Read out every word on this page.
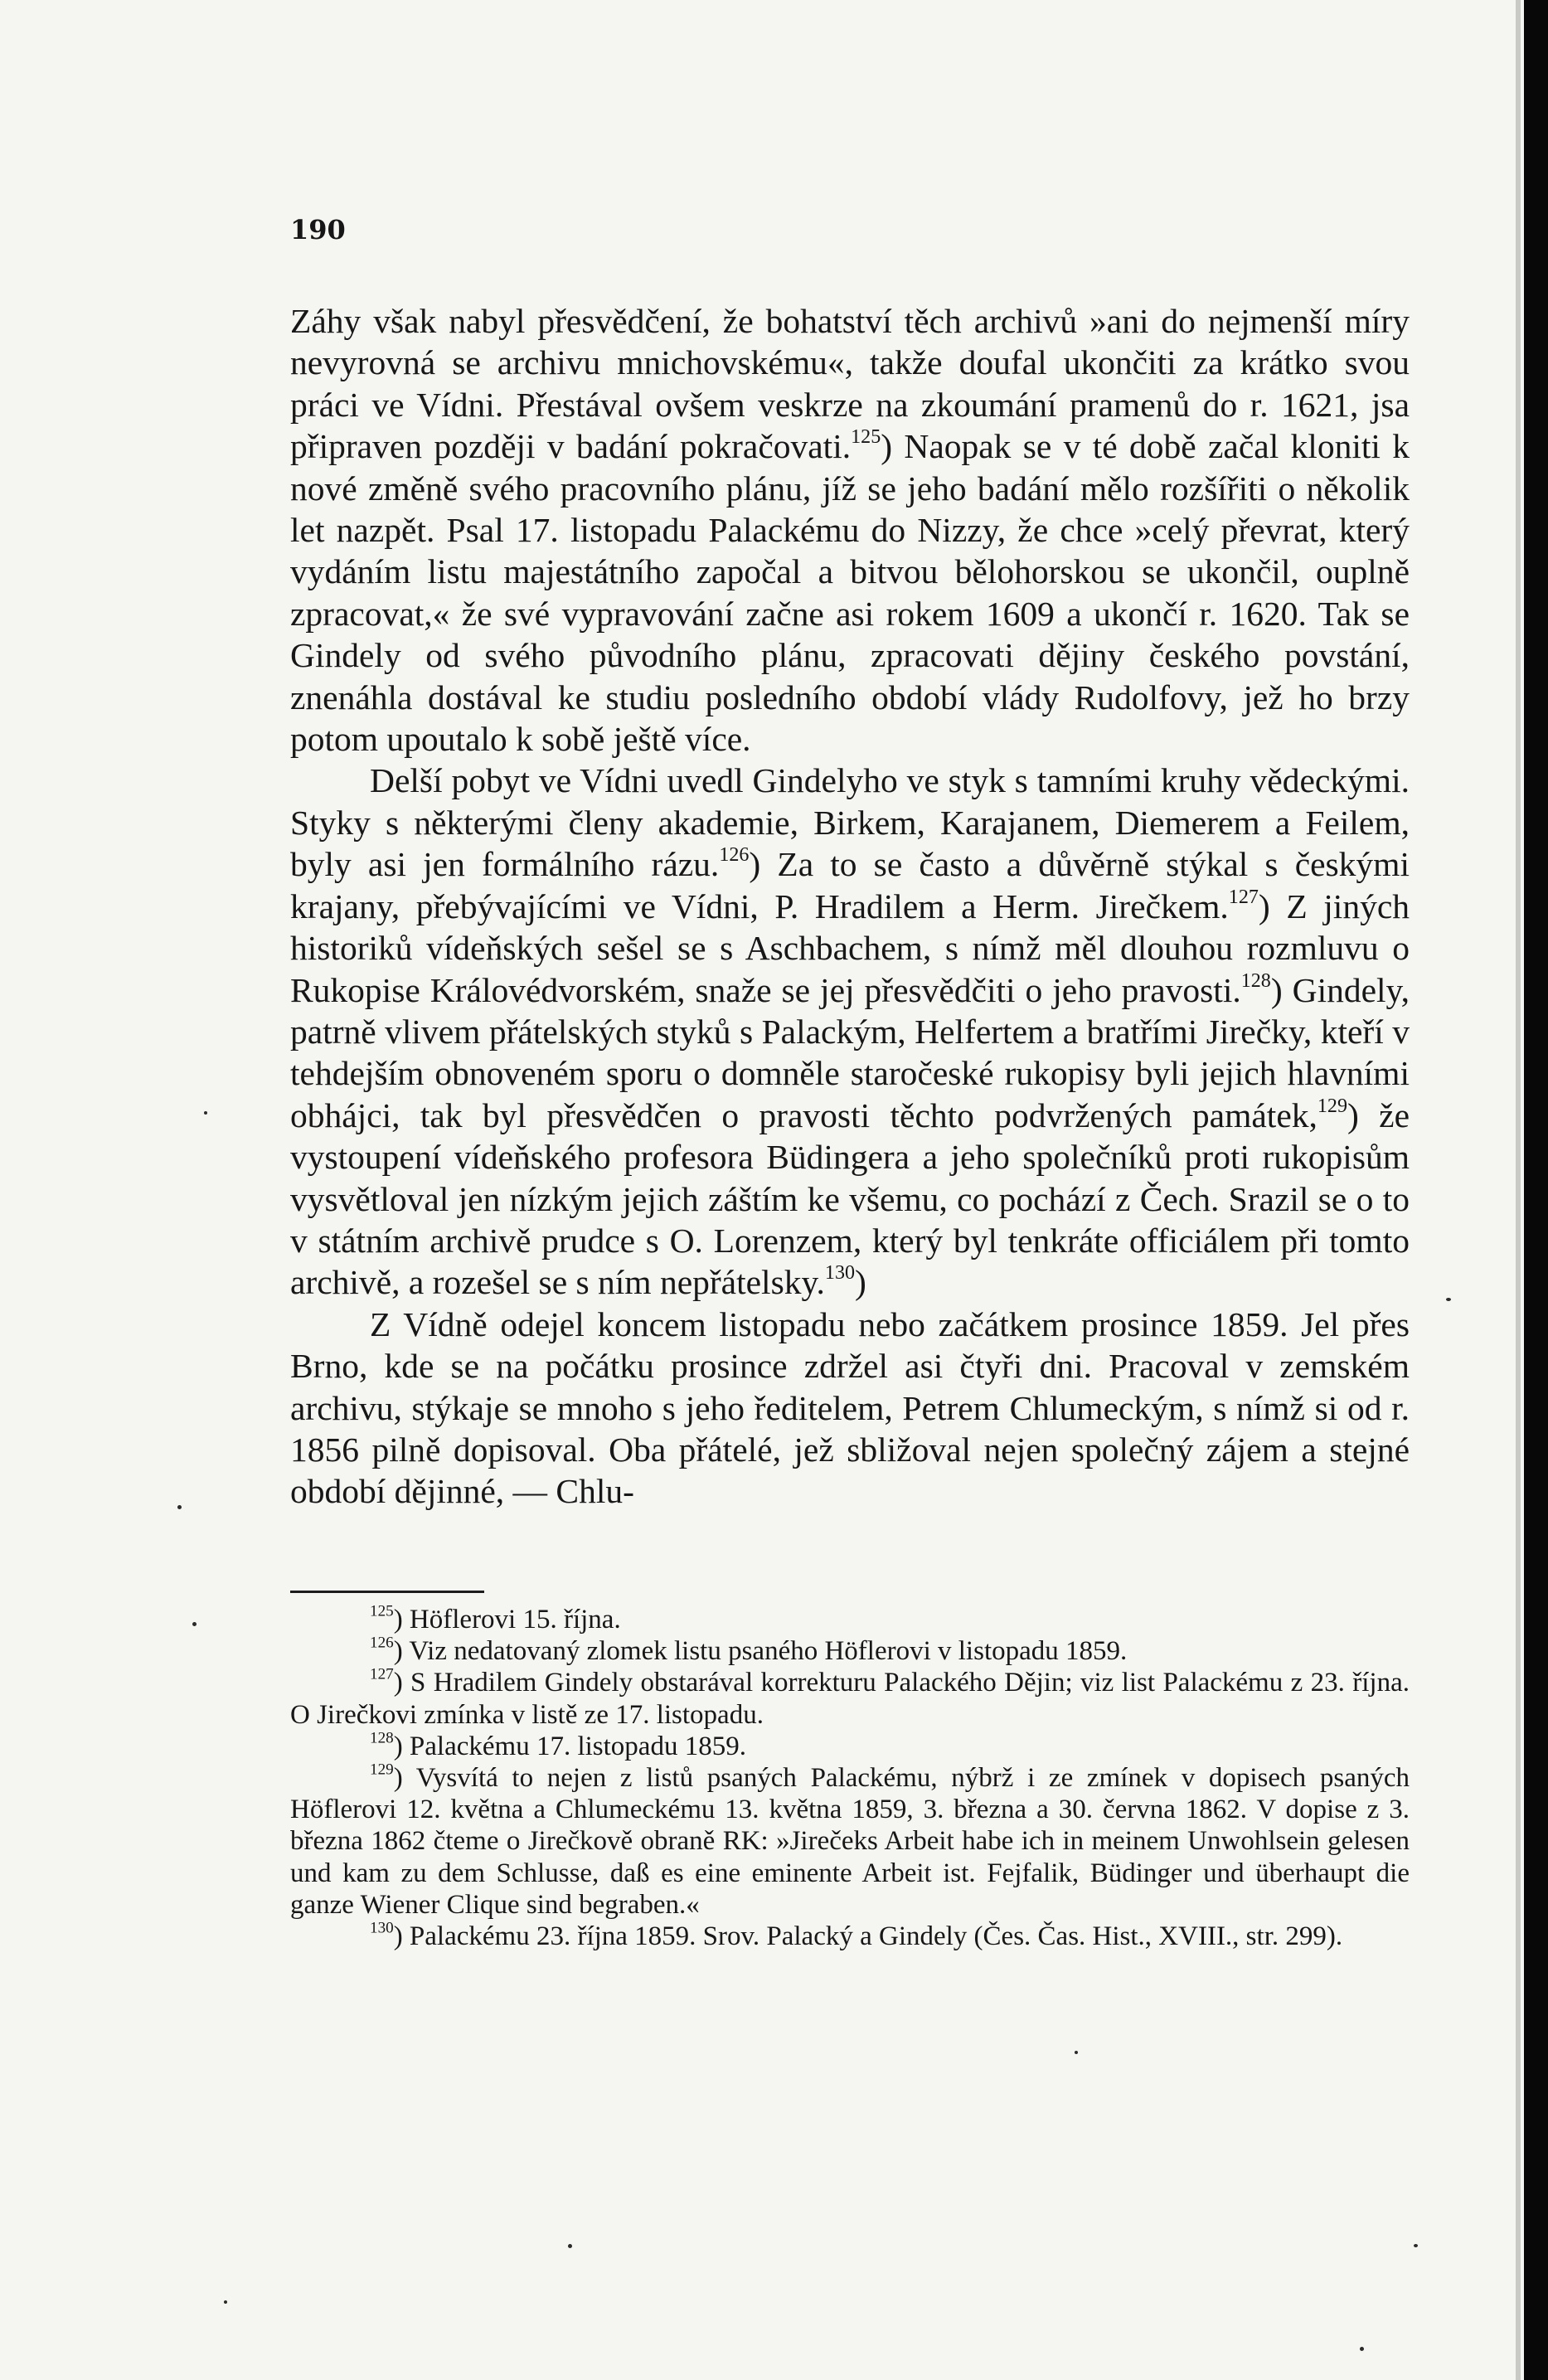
190

Záhy však nabyl přesvědčení, že bohatství těch archivů »ani do nejmenší míry nevyrovná se archivu mnichovskému«, takže doufal ukončiti za krátko svou práci ve Vídni. Přestával ovšem veskrze na zkoumání pramenů do r. 1621, jsa připraven později v badání pokračovati.$^{125}$) Naopak se v té době začal kloniti k nové změně svého pracovního plánu, jíž se jeho badání mělo rozšířiti o několik let nazpět. Psal 17. listopadu Palackému do Nizzy, že chce »celý převrat, který vydáním listu majestátního započal a bitvou bělohorskou se ukončil, ouplně zpracovat,« že své vypravování začne asi rokem 1609 a ukončí r. 1620. Tak se Gindely od svého původního plánu, zpracovati dějiny českého povstání, znenáhla dostával ke studiu posledního období vlády Rudolfovy, jež ho brzy potom upoutalo k sobě ještě více.

Delší pobyt ve Vídni uvedl Gindelyho ve styk s tamními kruhy vědeckými. Styky s některými členy akademie, Birkem, Karajanem, Diemerem a Feilem, byly asi jen formálního rázu.$^{126}$) Za to se často a důvěrně stýkal s českými krajany, přebývajícími ve Vídni, P. Hradilem a Herm. Jirečkem.$^{127}$) Z jiných historiků vídeňských sešel se s Aschbachem, s nímž měl dlouhou rozmluvu o Rukopise Královédvorském, snaže se jej přesvědčiti o jeho pravosti.$^{128}$) Gindely, patrně vlivem přátelských styků s Palackým, Helfertem a bratřími Jirečky, kteří v tehdejším obnoveném sporu o domněle staročeské rukopisy byli jejich hlavními obhájci, tak byl přesvědčen o pravosti těchto podvržených památek,$^{129}$) že vystoupení vídeňského profesora Büdingera a jeho společníků proti rukopisům vysvětloval jen nízkým jejich záštím ke všemu, co pochází z Čech. Srazil se o to v státním archivě prudce s O. Lorenzem, který byl tenkráte officiálem při tomto archivě, a rozešel se s ním nepřátelsky.$^{130}$)

Z Vídně odejel koncem listopadu nebo začátkem prosince 1859. Jel přes Brno, kde se na počátku prosince zdržel asi čtyři dni. Pracoval v zemském archivu, stýkaje se mnoho s jeho ředitelem, Petrem Chlumeckým, s nímž si od r. 1856 pilně dopisoval. Oba přátelé, jež sbližoval nejen společný zájem a stejné období dějinné, — Chlu-

$^{125}$) Höflerovi 15. října.

$^{126}$) Viz nedatovaný zlomek listu psaného Höflerovi v listopadu 1859.

$^{127}$) S Hradilem Gindely obstarával korrekturu Palackého Dějin; viz list Palackému z 23. října. O Jirečkovi zmínka v listě ze 17. listopadu.

$^{128}$) Palackému 17. listopadu 1859.

$^{129}$) Vysvítá to nejen z listů psaných Palackému, nýbrž i ze zmínek v dopisech psaných Höflerovi 12. května a Chlumeckému 13. května 1859, 3. března a 30. června 1862. V dopise z 3. března 1862 čteme o Jirečkově obraně RK: »Jirečeks Arbeit habe ich in meinem Unwohlsein gelesen und kam zu dem Schlusse, daß es eine eminente Arbeit ist. Fejfalik, Büdinger und überhaupt die ganze Wiener Clique sind begraben.«

$^{130}$) Palackému 23. října 1859. Srov. Palacký a Gindely (Čes. Čas. Hist., XVIII., str. 299).
